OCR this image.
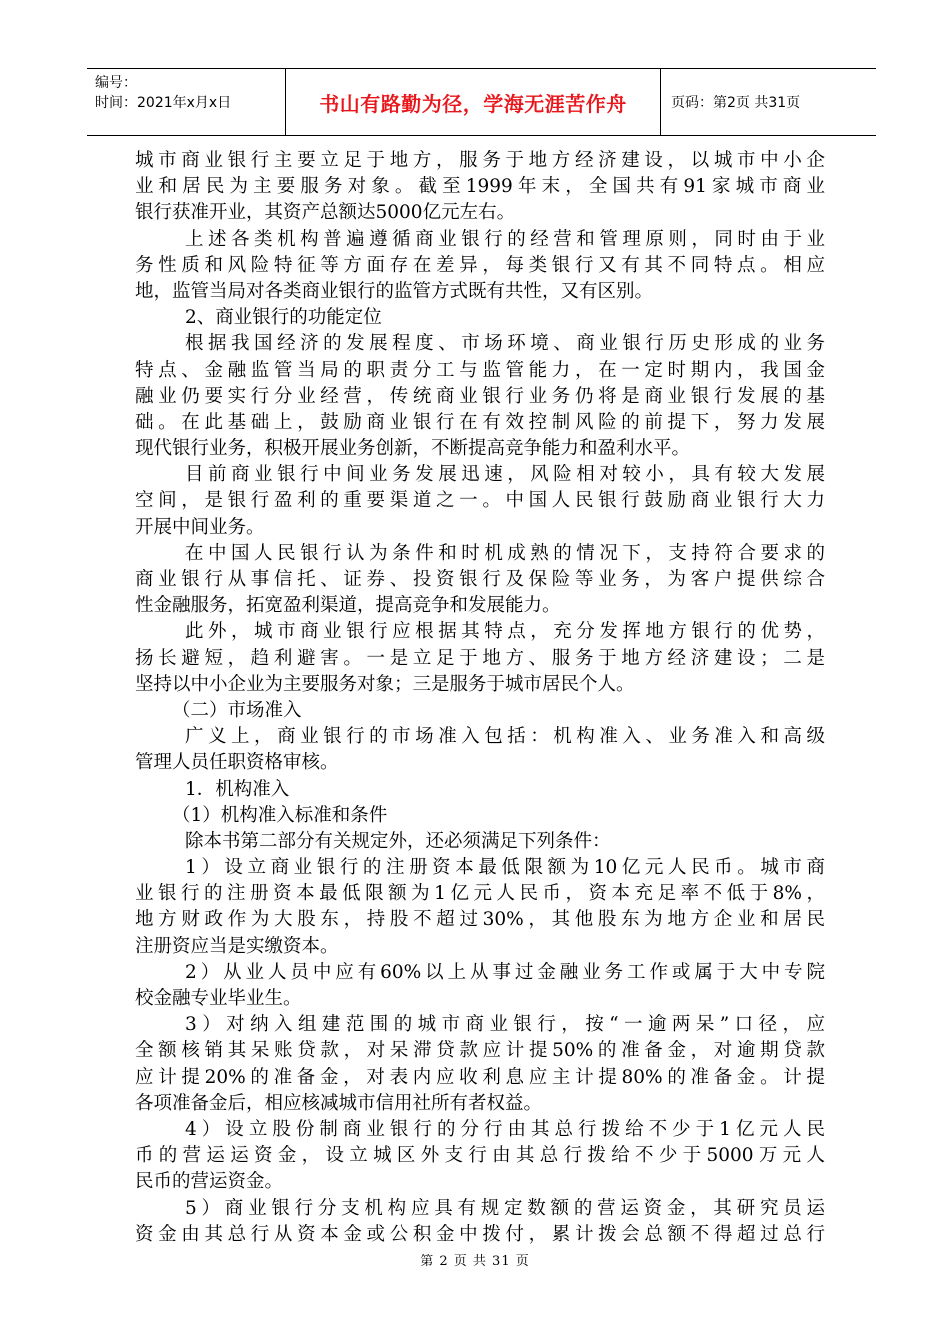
编号：
时间：2021年x月x日	书山有路勤为径，学海无涯苦作舟	页码：第2页 共31页
城市商业银行主要立足于地方，服务于地方经济建设，以城市中小企
业和居民为主要服务对象。截至1999年末，全国共有91家城市商业
银行获准开业，其资产总额达5000亿元左右。
上述各类机构普遍遵循商业银行的经营和管理原则，同时由于业
务性质和风险特征等方面存在差异，每类银行又有其不同特点。相应
地，监管当局对各类商业银行的监管方式既有共性，又有区别。
2、商业银行的功能定位
根据我国经济的发展程度、市场环境、商业银行历史形成的业务
特点、金融监管当局的职责分工与监管能力，在一定时期内，我国金
融业仍要实行分业经营，传统商业银行业务仍将是商业银行发展的基
础。在此基础上，鼓励商业银行在有效控制风险的前提下，努力发展
现代银行业务，积极开展业务创新，不断提高竞争能力和盈利水平。
目前商业银行中间业务发展迅速，风险相对较小，具有较大发展
空间，是银行盈利的重要渠道之一。中国人民银行鼓励商业银行大力
开展中间业务。
在中国人民银行认为条件和时机成熟的情况下，支持符合要求的
商业银行从事信托、证券、投资银行及保险等业务，为客户提供综合
性金融服务，拓宽盈利渠道，提高竞争和发展能力。
此外，城市商业银行应根据其特点，充分发挥地方银行的优势，
扬长避短，趋利避害。一是立足于地方、服务于地方经济建设；二是
坚持以中小企业为主要服务对象；三是服务于城市居民个人。
（二）市场准入
广义上，商业银行的市场准入包括：机构准入、业务准入和高级
管理人员任职资格审核。
1．机构准入
（1）机构准入标准和条件
除本书第二部分有关规定外，还必须满足下列条件：
1）设立商业银行的注册资本最低限额为10亿元人民币。城市商
业银行的注册资本最低限额为1亿元人民币，资本充足率不低于8%，
地方财政作为大股东，持股不超过30%，其他股东为地方企业和居民
注册资应当是实缴资本。
2）从业人员中应有60%以上从事过金融业务工作或属于大中专院
校金融专业毕业生。
3）对纳入组建范围的城市商业银行，按“一逾两呆”口径，应
全额核销其呆账贷款，对呆滞贷款应计提50%的准备金，对逾期贷款
应计提20%的准备金，对表内应收利息应主计提80%的准备金。计提
各项准备金后，相应核减城市信用社所有者权益。
4）设立股份制商业银行的分行由其总行拨给不少于1亿元人民
币的营运运资金，设立城区外支行由其总行拨给不少于5000万元人
民币的营运资金。
5）商业银行分支机构应具有规定数额的营运资金，其研究员运
资金由其总行从资本金或公积金中拨付，累计拨会总额不得超过总行
第 2 页 共 31 页
